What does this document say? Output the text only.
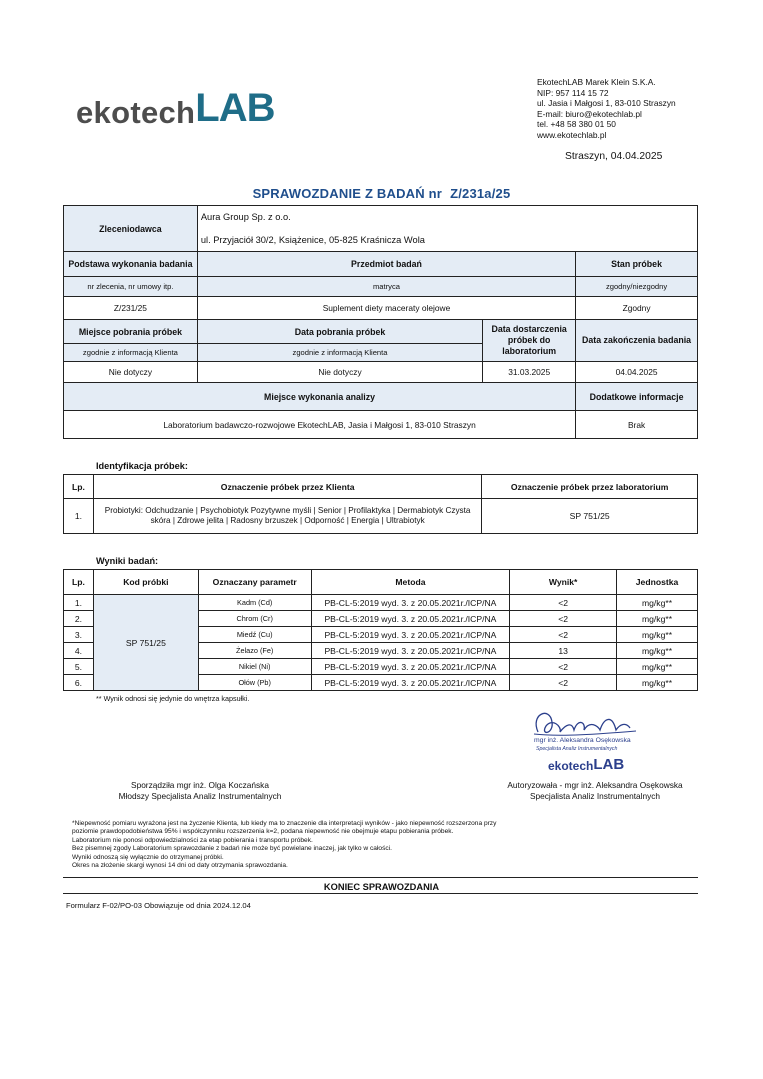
ekotech LAB
EkotechLAB Marek Klein S.K.A.
NIP: 957 114 15 72
ul. Jasia i Małgosi 1, 83-010 Straszyn
E-mail: biuro@ekotechlab.pl
tel. +48 58 380 01 50
www.ekotechlab.pl
Straszyn, 04.04.2025
SPRAWOZDANIE Z BADAŃ nr Z/231a/25
Zleceniodawca	Aura Group Sp. z o.o.
ul. Przyjaciół 30/2, Książenice, 05-825 Kraśnicza Wola		

Podstawa wykonania badania	Przedmiot badań		Stan próbek
nr zlecenia, nr umowy itp.	matryca		zgodny/niezgodny
Z/231/25	Suplement diety maceraty olejowe		Zgodny
Miejsce pobrania próbek	Data pobrania próbek	Data dostarczenia próbek do laboratorium	Data zakończenia badania
zgodnie z informacją Klienta	zgodnie z informacją Klienta		
Nie dotyczy	Nie dotyczy	31.03.2025	04.04.2025
Miejsce wykonania analizy			Dodatkowe informacje
Laboratorium badawczo-rozwojowe EkotechLAB, Jasia i Małgosi 1, 83-010 Straszyn			Brak
Identyfikacja próbek:
Lp.	Oznaczenie próbek przez Klienta	Oznaczenie próbek przez laboratorium
1.	Probiotyki: Odchudzanie | Psychobiotyk Pozytywne myśli | Senior | Profilaktyka | Dermabiotyk Czysta skóra | Zdrowe jelita | Radosny brzuszek | Odporność | Energia | Ultrabiotyk	SP 751/25
Wyniki badań:
Lp.	Kod próbki	Oznaczany parametr	Metoda	Wynik*	Jednostka
1.	SP 751/25	Kadm (Cd)	PB-CL-5:2019 wyd. 3. z 20.05.2021r./ICP/NA	<2	mg/kg**
2.		Chrom (Cr)	PB-CL-5:2019 wyd. 3. z 20.05.2021r./ICP/NA	<2	mg/kg**
3.		Miedź (Cu)	PB-CL-5:2019 wyd. 3. z 20.05.2021r./ICP/NA	<2	mg/kg**
4.		Żelazo (Fe)	PB-CL-5:2019 wyd. 3. z 20.05.2021r./ICP/NA	13	mg/kg**
5.		Nikiel (Ni)	PB-CL-5:2019 wyd. 3. z 20.05.2021r./ICP/NA	<2	mg/kg**
6.		Ołów (Pb)	PB-CL-5:2019 wyd. 3. z 20.05.2021r./ICP/NA	<2	mg/kg**
** Wynik odnosi się jedynie do wnętrza kapsułki.
mgr inż. Aleksandra Osękowska
Specjalista Analiz Instrumentalnych
ekotech LAB
Sporządziła mgr inż. Olga Koczańska
Młodszy Specjalista Analiz Instrumentalnych
Autoryzowała - mgr inż. Aleksandra Osękowska
Specjalista Analiz Instrumentalnych
*Niepewność pomiaru wyrażona jest na życzenie Klienta, lub kiedy ma to znaczenie dla interpretacji wyników - jako niepewność rozszerzona przy
poziomie prawdopodobieństwa 95% i współczynniku rozszerzenia k=2, podana niepewność nie obejmuje etapu pobierania próbek.
Laboratorium nie ponosi odpowiedzialności za etap pobierania i transportu próbek.
Bez pisemnej zgody Laboratorium sprawozdanie z badań nie może być powielane inaczej, jak tylko w całości.
Wyniki odnoszą się wyłącznie do otrzymanej próbki.
Okres na złożenie skargi wynosi 14 dni od daty otrzymania sprawozdania.
KONIEC SPRAWOZDANIA
Formularz F-02/PO-03 Obowiązuje od dnia 2024.12.04
